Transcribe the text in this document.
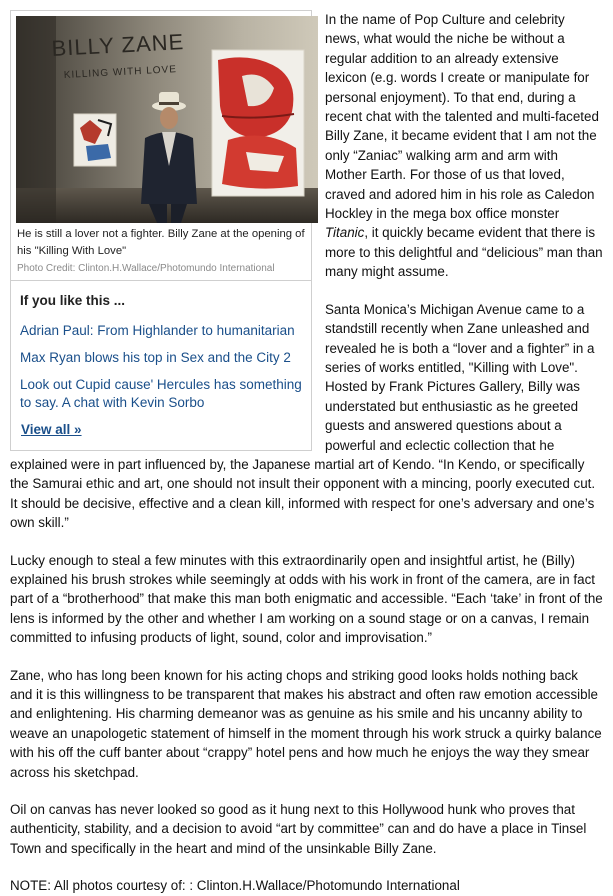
BILLY ZANE
KILLING WITH LOVE
He is still a lover not a fighter. Billy Zane at the opening of his "Killing With Love"
Photo Credit: Clinton.H.Wallace/Photomundo International
If you like this ...
Adrian Paul: From Highlander to humanitarian
Max Ryan blows his top in Sex and the City 2
Look out Cupid cause' Hercules has something to say. A chat with Kevin Sorbo
View all »

In the name of Pop Culture and celebrity news, what would the niche be without a regular addition to an already extensive lexicon (e.g. words I create or manipulate for personal enjoyment). To that end, during a recent chat with the talented and multi-faceted Billy Zane, it became evident that I am not the only “Zaniac” walking arm and arm with Mother Earth. For those of us that loved, craved and adored him in his role as Caledon Hockley in the mega box office monster Titanic, it quickly became evident that there is more to this delightful and “delicious” man than many might assume.

Santa Monica’s Michigan Avenue came to a standstill recently when Zane unleashed and revealed he is both a “lover and a fighter” in a series of works entitled, "Killing with Love". Hosted by Frank Pictures Gallery, Billy was understated but enthusiastic as he greeted guests and answered questions about a powerful and eclectic collection that he explained were in part influenced by, the Japanese martial art of Kendo. “In Kendo, or specifically the Samurai ethic and art, one should not insult their opponent with a mincing, poorly executed cut. It should be decisive, effective and a clean kill, informed with respect for one’s adversary and one’s own skill.”

Lucky enough to steal a few minutes with this extraordinarily open and insightful artist, he (Billy) explained his brush strokes while seemingly at odds with his work in front of the camera, are in fact part of a “brotherhood” that make this man both enigmatic and accessible. “Each ‘take’ in front of the lens is informed by the other and whether I am working on a sound stage or on a canvas, I remain committed to infusing products of light, sound, color and improvisation.”

Zane, who has long been known for his acting chops and striking good looks holds nothing back and it is this willingness to be transparent that makes his abstract and often raw emotion accessible and enlightening. His charming demeanor was as genuine as his smile and his uncanny ability to weave an unapologetic statement of himself in the moment through his work struck a quirky balance with his off the cuff banter about “crappy” hotel pens and how much he enjoys the way they smear across his sketchpad.

Oil on canvas has never looked so good as it hung next to this Hollywood hunk who proves that authenticity, stability, and a decision to avoid “art by committee” can and do have a place in Tinsel Town and specifically in the heart and mind of the unsinkable Billy Zane.

NOTE: All photos courtesy of: : Clinton.H.Wallace/Photomundo International
